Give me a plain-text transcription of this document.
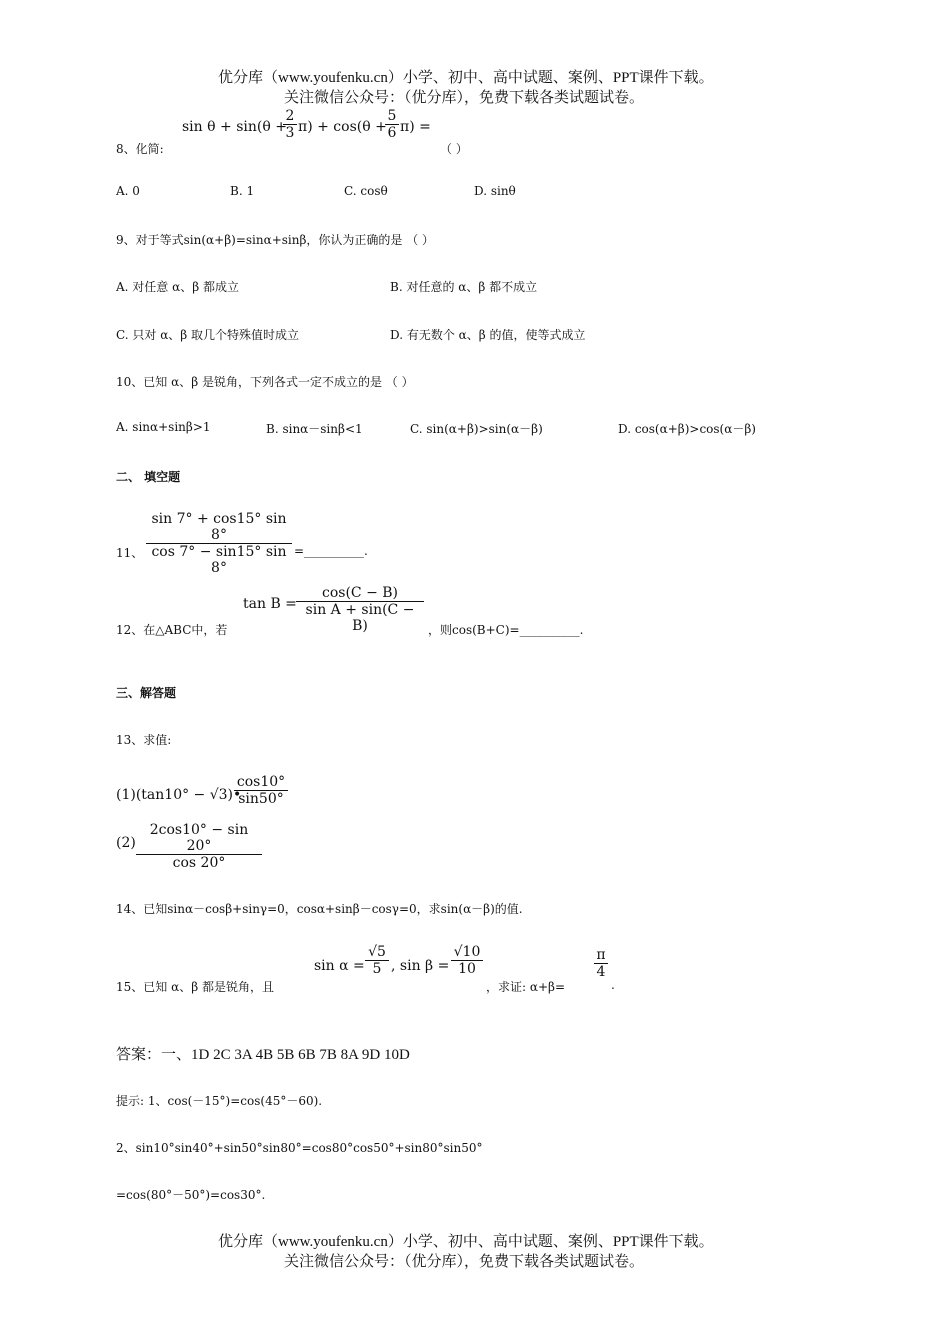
优分库（www.youfenku.cn）小学、初中、高中试题、案例、PPT课件下载。
关注微信公众号：（优分库），免费下载各类试题试卷。
8、化简:
sin θ + sin(θ +
2
3 π) + cos(θ +
5
6 π) =
（ ）
A. 0	B. 1	C. cosθ	D. sinθ
9、对于等式sin(α+β)=sinα+sinβ，你认为正确的是 （ ）
A. 对任意 α、β 都成立	B. 对任意的 α、β 都不成立
C. 只对 α、β 取几个特殊值时成立	D. 有无数个 α、β 的值，使等式成立
10、已知 α、β 是锐角，下列各式一定不成立的是 （ ）
A. sinα+sinβ>1	B. sinα－sinβ<1	C. sin(α+β)>sin(α－β)	D. cos(α+β)>cos(α－β)
二、 填空题
11、
sin 7° + cos15° sin 8°
cos 7° − sin15° sin 8°
=__________.
12、在△ABC中，若
tan B =
cos(C − B)
sin A + sin(C − B)	，则cos(B+C)=__________.
三、解答题
13、求值:
(1)(tan10° − √3)•
cos10°
sin50°
(2)
2cos10° − sin 20°
cos 20°
14、已知sinα－cosβ+sinγ=0，cosα+sinβ－cosγ=0，求sin(α－β)的值.
15、已知 α、β 都是锐角，且
sin α =
√5
5 , sin β =
√10
10
，求证: α+β=
π
4
.
答案：一、1D 2C 3A 4B 5B 6B 7B 8A 9D 10D
提示: 1、cos(－15°)=cos(45°－60).
2、sin10°sin40°+sin50°sin80°=cos80°cos50°+sin80°sin50°
=cos(80°－50°)=cos30°.
优分库（www.youfenku.cn）小学、初中、高中试题、案例、PPT课件下载。
关注微信公众号：（优分库），免费下载各类试题试卷。
